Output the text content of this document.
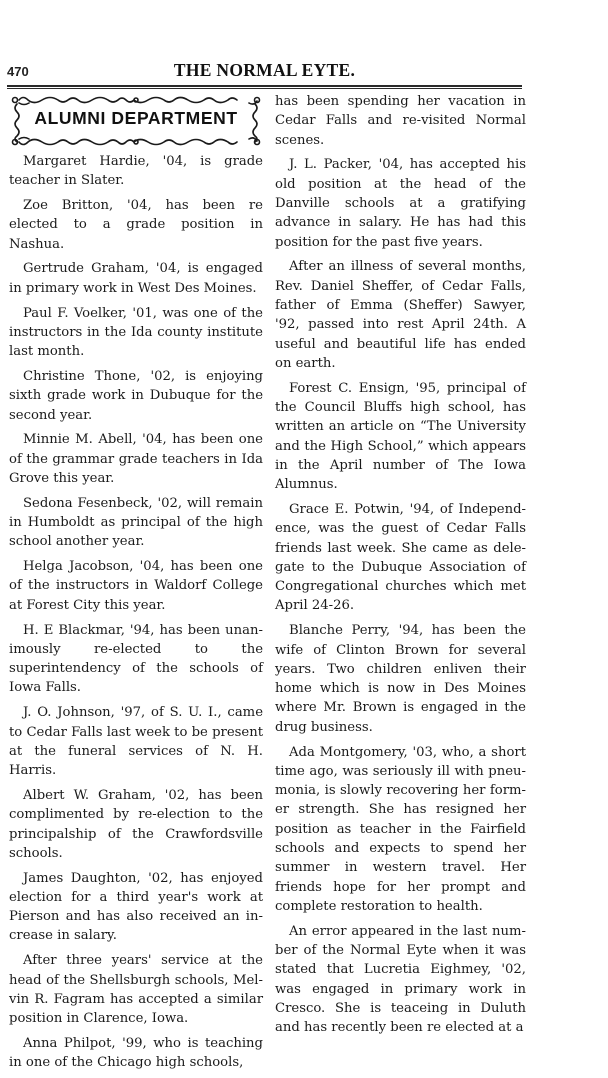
470	THE NORMAL EYTE.
ALUMNI DEPARTMENT

Margaret Hardie, '04, is grade teacher in Slater.

Zoe Britton, '04, has been re elected to a grade position in Nashua.

Gertrude Graham, '04, is engaged in primary work in West Des Moines.

Paul F. Voelker, '01, was one of the instructors in the Ida county institute last month.

Christine Thone, '02, is enjoying sixth grade work in Dubuque for the second year.

Minnie M. Abell, '04, has been one of the grammar grade teachers in Ida Grove this year.

Sedona Fesenbeck, '02, will remain in Humboldt as principal of the high school another year.

Helga Jacobson, '04, has been one of the instructors in Waldorf College at Forest City this year.

H. E Blackmar, '94, has been unanimously re-elected to the superintendency of the schools of Iowa Falls.

J. O. Johnson, '97, of S. U. I., came to Cedar Falls last week to be present at the funeral services of N. H. Harris.

Albert W. Graham, '02, has been complimented by re-election to the principalship of the Crawfordsville schools.

James Daughton, '02, has enjoyed election for a third year's work at Pierson and has also received an increase in salary.

After three years' service at the head of the Shellsburgh schools, Melvin R. Fagram has accepted a similar position in Clarence, Iowa.

Anna Philpot, '99, who is teaching in one of the Chicago high schools,

has been spending her vacation in Cedar Falls and re-visited Normal scenes.

J. L. Packer, '04, has accepted his old position at the head of the Danville schools at a gratifying advance in salary. He has had this position for the past five years.

After an illness of several months, Rev. Daniel Sheffer, of Cedar Falls, father of Emma (Sheffer) Sawyer, '92, passed into rest April 24th. A useful and beautiful life has ended on earth.

Forest C. Ensign, '95, principal of the Council Bluffs high school, has written an article on “The University and the High School,” which appears in the April number of The Iowa Alumnus.

Grace E. Potwin, '94, of Independence, was the guest of Cedar Falls friends last week. She came as delegate to the Dubuque Association of Congregational churches which met April 24-26.

Blanche Perry, '94, has been the wife of Clinton Brown for several years. Two children enliven their home which is now in Des Moines where Mr. Brown is engaged in the drug business.

Ada Montgomery, '03, who, a short time ago, was seriously ill with pneumonia, is slowly recovering her former strength. She has resigned her position as teacher in the Fairfield schools and expects to spend her summer in western travel. Her friends hope for her prompt and complete restoration to health.

An error appeared in the last number of the Normal Eyte when it was stated that Lucretia Eighmey, '02, was engaged in primary work in Cresco. She is teaceing in Duluth and has recently been re elected at a
